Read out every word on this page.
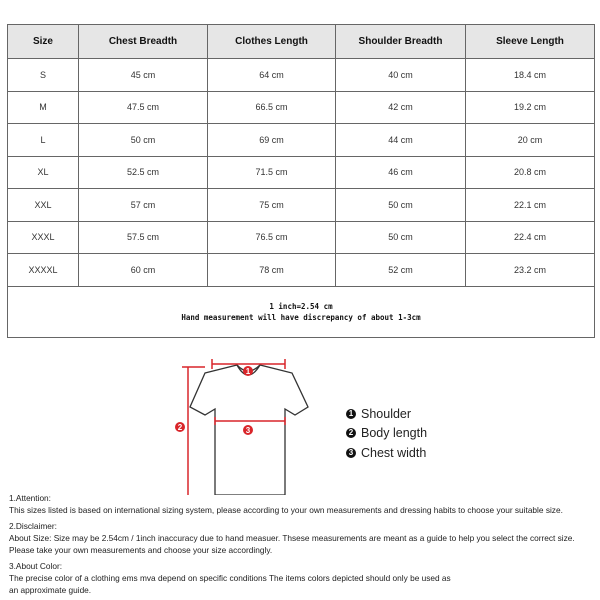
Size	Chest Breadth	Clothes Length	Shoulder Breadth	Sleeve Length
S	45 cm	64 cm	40 cm	18.4 cm
M	47.5 cm	66.5 cm	42 cm	19.2 cm
L	50 cm	69 cm	44 cm	20 cm
XL	52.5 cm	71.5 cm	46 cm	20.8 cm
XXL	57 cm	75 cm	50 cm	22.1 cm
XXXL	57.5 cm	76.5 cm	50 cm	22.4 cm
XXXXL	60 cm	78 cm	52 cm	23.2 cm

1 inch=2.54 cm
Hand measurement will have discrepancy of about 1-3cm				
1
2	3
1 Shoulder
2 Body length
3 Chest width

1.Attention:
This sizes listed is based on international sizing system, please according to your own measurements and dressing habits to choose your suitable size.

2.Disclaimer:
About Size: Size may be 2.54cm / 1inch inaccuracy due to hand measuer. Thsese measurements are meant as a guide to help you select the correct size.
Please take your own measurements and choose your size accordingly.

3.About Color:
The precise color of a clothing ems mva depend on specific conditions The items colors depicted should only be used as
an approximate guide.
